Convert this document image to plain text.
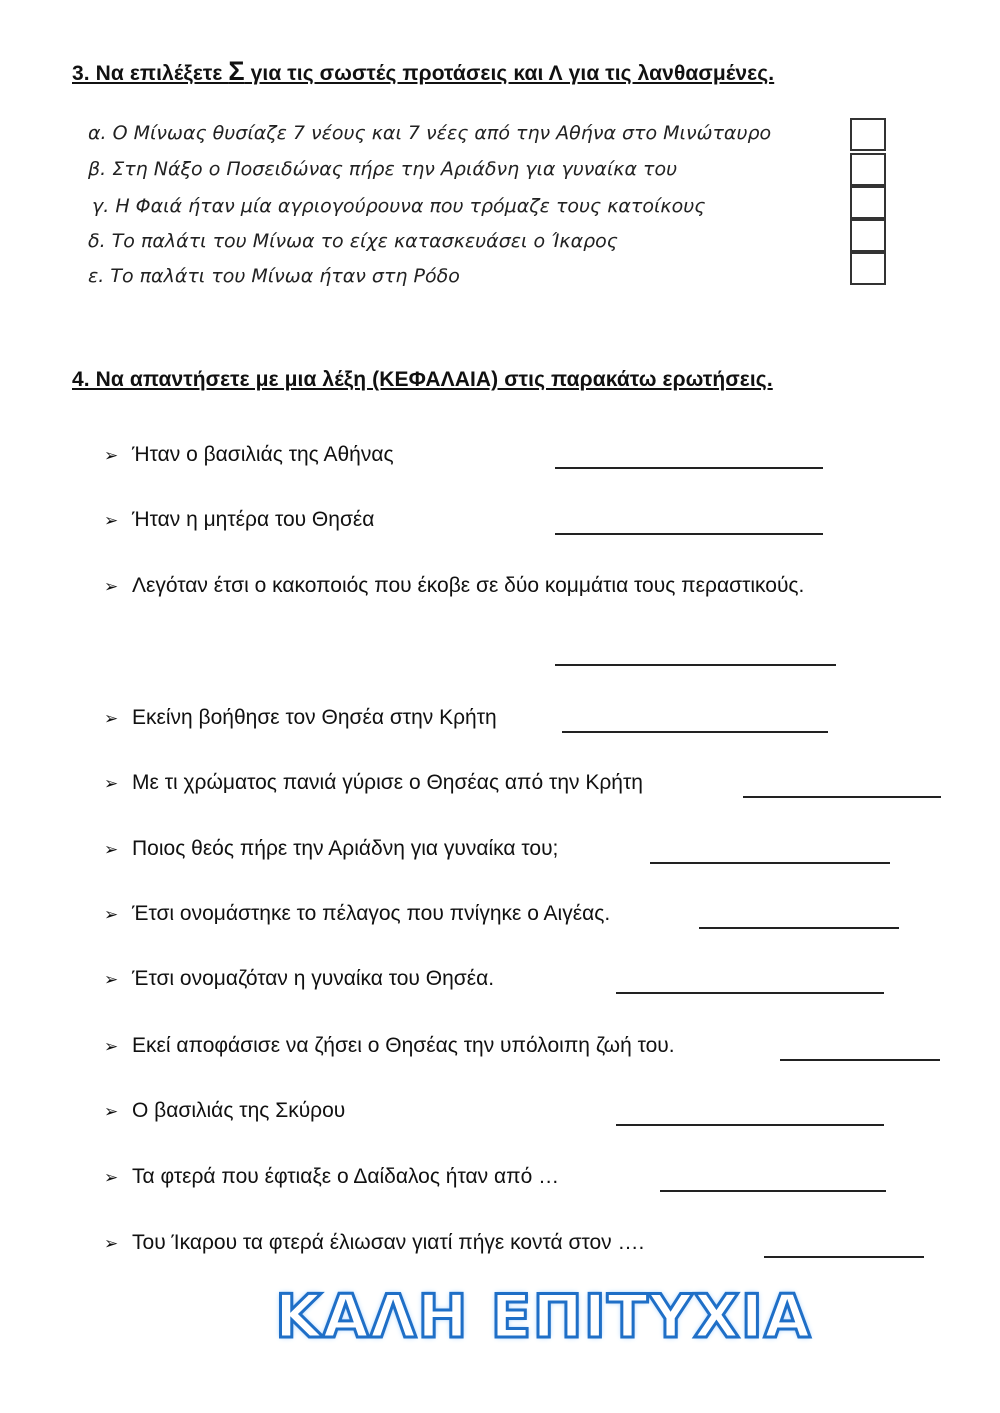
3. Να επιλέξετε Σ για τις σωστές προτάσεις και Λ για τις λανθασμένες.
α. Ο Μίνωας θυσίαζε 7 νέους και 7 νέες από την Αθήνα στο Μινώταυρο
β. Στη Νάξο ο Ποσειδώνας πήρε την Αριάδνη για γυναίκα του
γ. Η Φαιά ήταν μία αγριογούρουνα που τρόμαζε τους κατοίκους
δ. Το παλάτι του Μίνωα το είχε κατασκευάσει ο Ίκαρος
ε. Το παλάτι του Μίνωα ήταν στη Ρόδο
4. Να απαντήσετε με μια λέξη (ΚΕΦΑΛΑΙΑ) στις παρακάτω ερωτήσεις.
➢ Ήταν ο βασιλιάς της Αθήνας
➢ Ήταν η μητέρα του Θησέα
➢ Λεγόταν έτσι ο κακοποιός που έκοβε σε δύο κομμάτια τους περαστικούς.
➢ Εκείνη βοήθησε τον Θησέα στην Κρήτη
➢ Με τι χρώματος πανιά γύρισε ο Θησέας από την Κρήτη
➢ Ποιος θεός πήρε την Αριάδνη για γυναίκα του;
➢ Έτσι ονομάστηκε το πέλαγος που πνίγηκε ο Αιγέας.
➢ Έτσι ονομαζόταν η γυναίκα του Θησέα.
➢ Εκεί αποφάσισε να ζήσει ο Θησέας την υπόλοιπη ζωή του.
➢ Ο βασιλιάς της Σκύρου
➢ Τα φτερά που έφτιαξε ο Δαίδαλος ήταν από …
➢ Του Ίκαρου τα φτερά έλιωσαν γιατί πήγε κοντά στον ….
ΚΑΛΗ ΕΠΙΤΥΧΙΑ
